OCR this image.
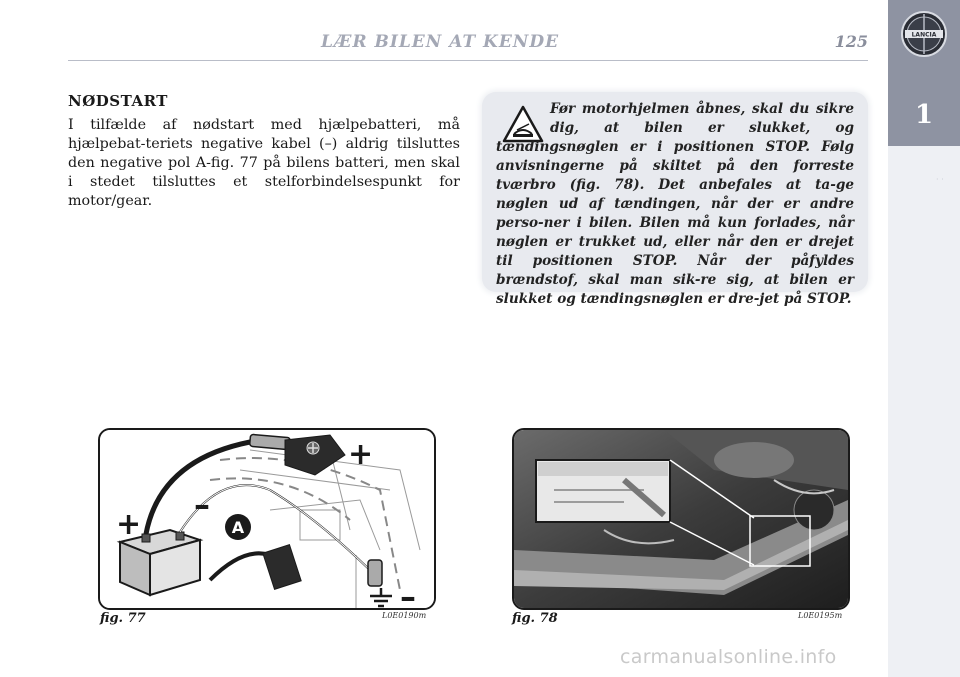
LÆR BILEN AT KENDE	125	LANCIA
1
· ·
NØDSTART
I tilfælde af nødstart med hjælpebatteri, må hjælpebat-teriets negative kabel (–) aldrig tilsluttes den negative pol A-fig. 77 på bilens batteri, men skal i stedet tilsluttes et stelforbindelsespunkt for motor/gear.
Før motorhjelmen åbnes, skal du sikre dig, at bilen er slukket, og tændingsnøglen er i positionen STOP. Følg anvisningerne på skiltet på den forreste tværbro (fig. 78). Det anbefales at ta-ge nøglen ud af tændingen, når der er andre perso-ner i bilen. Bilen må kun forlades, når nøglen er trukket ud, eller når den er drejet til positionen STOP. Når der påfyldes brændstof, skal man sik-re sig, at bilen er slukket og tændingsnøglen er dre-jet på STOP.
+
+
–
–
A
fig. 77	L0E0190m	fig. 78	L0E0195m
carmanualsonline.info
